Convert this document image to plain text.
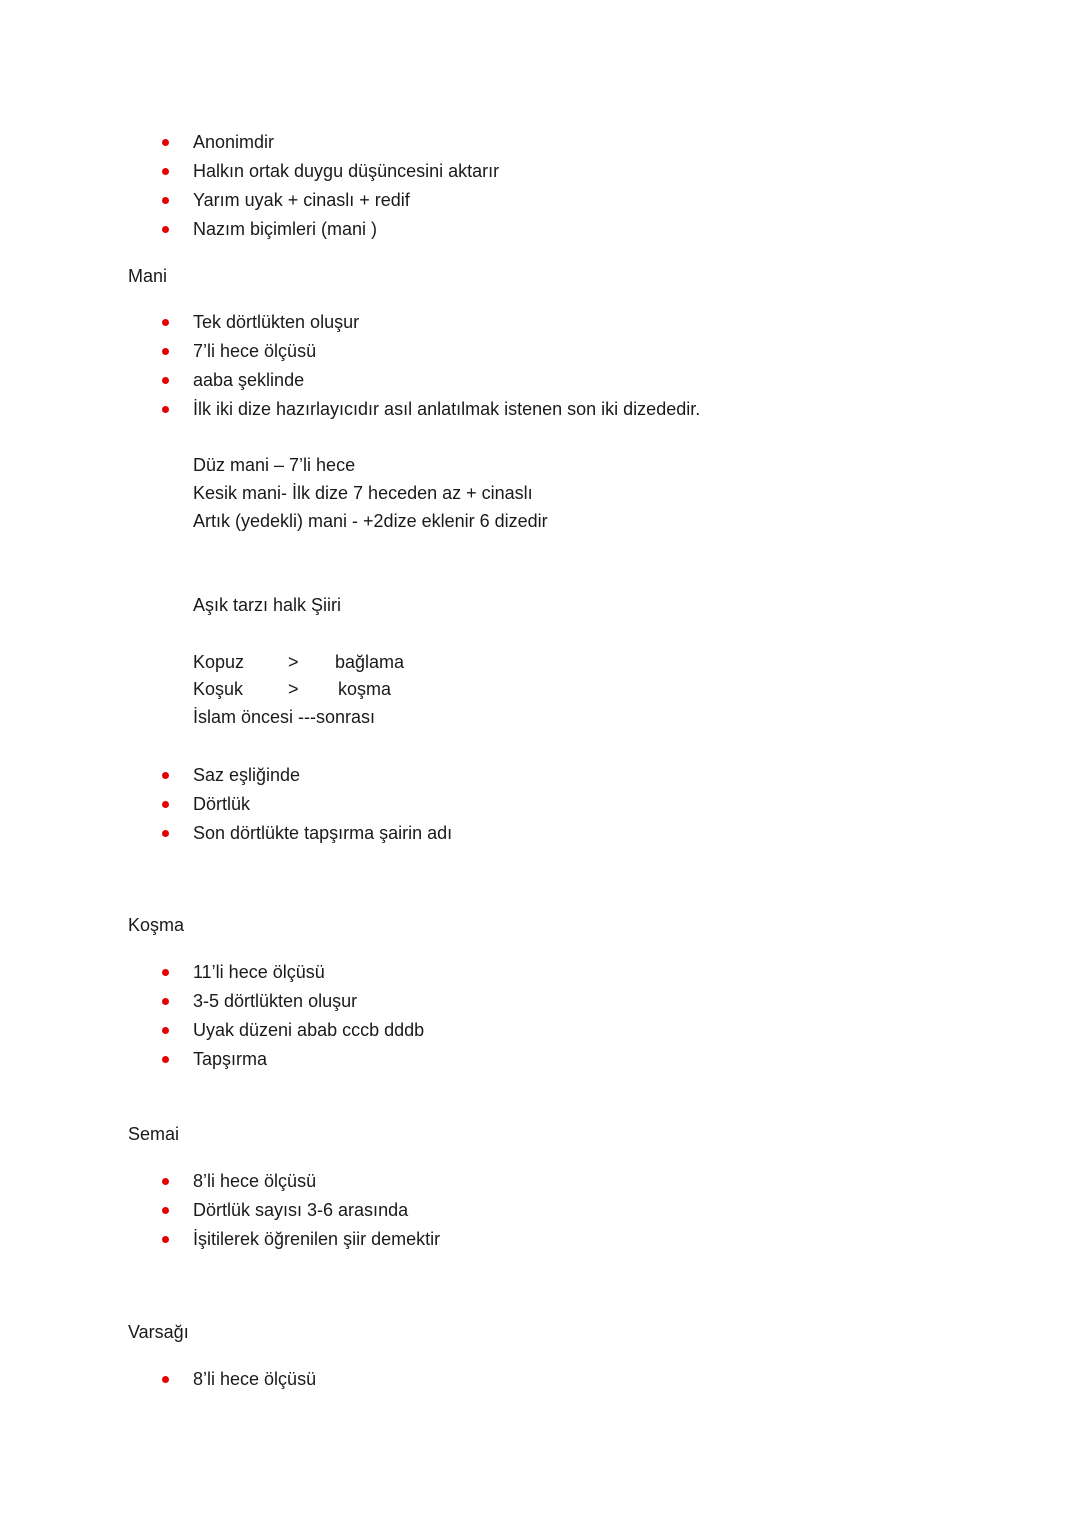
Anonimdir
Halkın ortak duygu düşüncesini aktarır
Yarım uyak + cinaslı + redif
Nazım biçimleri (mani )
Mani
Tek dörtlükten oluşur
7’li hece ölçüsü
aaba şeklinde
İlk iki dize hazırlayıcıdır asıl anlatılmak istenen son iki dizededir.
Düz mani – 7’li hece
Kesik mani- İlk dize 7 heceden az + cinaslı
Artık (yedekli) mani - +2dize eklenir 6 dizedir
Aşık tarzı halk Şiiri
Kopuz > bağlama
Koşuk > koşma
İslam öncesi ---sonrası
Saz eşliğinde
Dörtlük
Son dörtlükte tapşırma şairin adı
Koşma
11’li hece ölçüsü
3-5 dörtlükten oluşur
Uyak düzeni abab cccb dddb
Tapşırma
Semai
8’li hece ölçüsü
Dörtlük sayısı 3-6 arasında
İşitilerek öğrenilen şiir demektir
Varsağı
8’li hece ölçüsü
